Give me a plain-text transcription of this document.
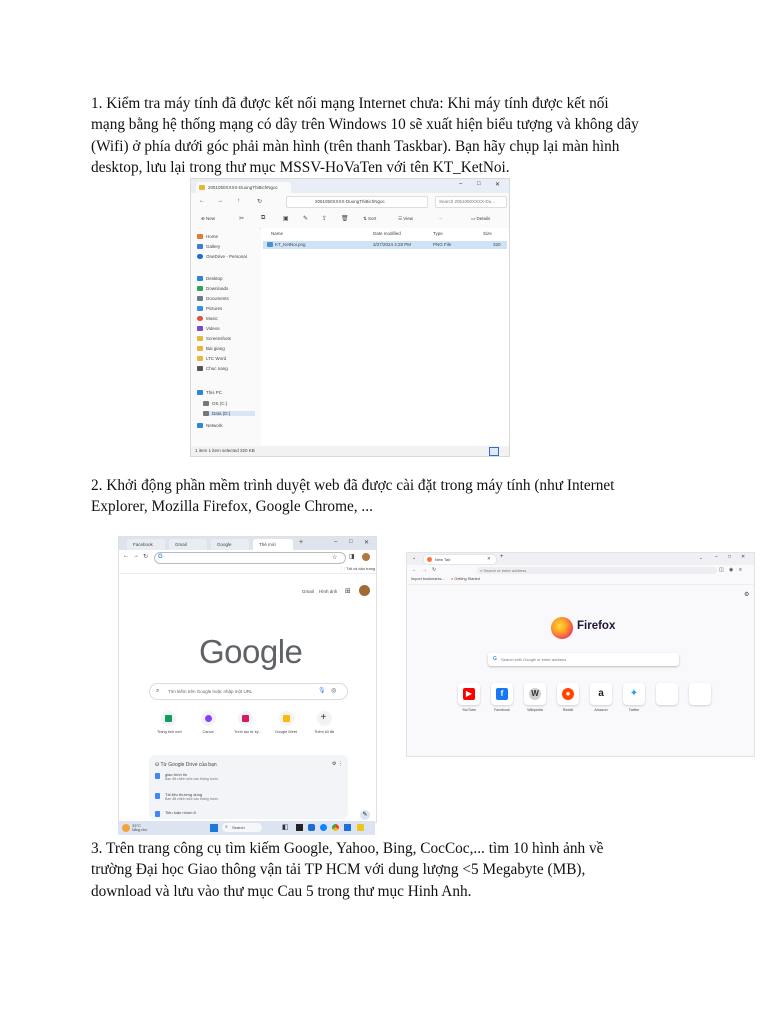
1. Kiểm tra máy tính đã được kết nối mạng Internet chưa: Khi máy tính được kết nối

mạng bằng hệ thống mạng có dây trên Windows 10 sẽ xuất hiện biểu tượng và không dây

(Wifi) ở phía dưới góc phải màn hình (trên thanh Taskbar). Bạn hãy chụp lại màn hình

desktop, lưu lại trong thư mục MSSV-HoVaTen với tên KT_KetNoi.

2051050XXXX-DuongThiBichNgoc
– □ ✕
← → ↑	↻	2051050XXXX-DuongThiBichNgoc	Search 2051050XXXX-Du...
⊕ New	✂	⧉	▣ ✎ ⇪ 🗑	⇅ Sort	☰ View	···	▭ Details
Home
Gallery
OneDrive - Personal
Desktop
Downloads
Documents
Pictures
Music
Videos
Screenshots
Bai giang
LTC Word
Chuc nang
This PC
OS (C:)
Data (D:)
Network
Name	Date modified	Type	Size
KT_KetNoi.png	3/27/2024 4:28 PM	PNG File	320
1 item 1 item selected 320 KB

2. Khởi động phần mềm trình duyệt web đã được cài đặt trong máy tính (như Internet

Explorer, Mozilla Firefox, Google Chrome, ...

Facebook	Gmail	Google	Thẻ mới	+	– □ ✕
← → ↻ G	☆ ◨
🗀 Tất cả dấu trang
Gmail Hình ảnh ⊞
Google
⌕ Tìm kiếm trên Google hoặc nhập một URL	🎙 ◎
Trang tính mới	Canva	Trình tạo từ ký...	Google Meet
+
Thêm lối tắt
⛁ Từ Google Drive của bạn	⚙ ⋮
giáo trình tin
Bạn đã chỉnh sửa vào tháng trước
Tài liệu thường dùng
Bạn đã chỉnh sửa vào tháng trước
Tiêu luận nhóm 8	✎
33°C
Nắng nhẹ	⌕ Search	◧
⌄	New Tab	✕ +	⌄ – □ ✕
← → ↻	⌕ Search or enter address	◫ ◉ ≡
Import bookmarks... ● Getting Started
⚙
Firefox
G Search with Google or enter address
▶
YouTube
f
Facebook
W
Wikipedia
●
Reddit
a
Amazon
✦
Twitter

3. Trên trang công cụ tìm kiếm Google, Yahoo, Bing, CocCoc,... tìm 10 hình ảnh về

trường Đại học Giao thông vận tải TP HCM với dung lượng <5 Megabyte (MB),

download và lưu vào thư mục Cau 5 trong thư mục Hinh Anh.
